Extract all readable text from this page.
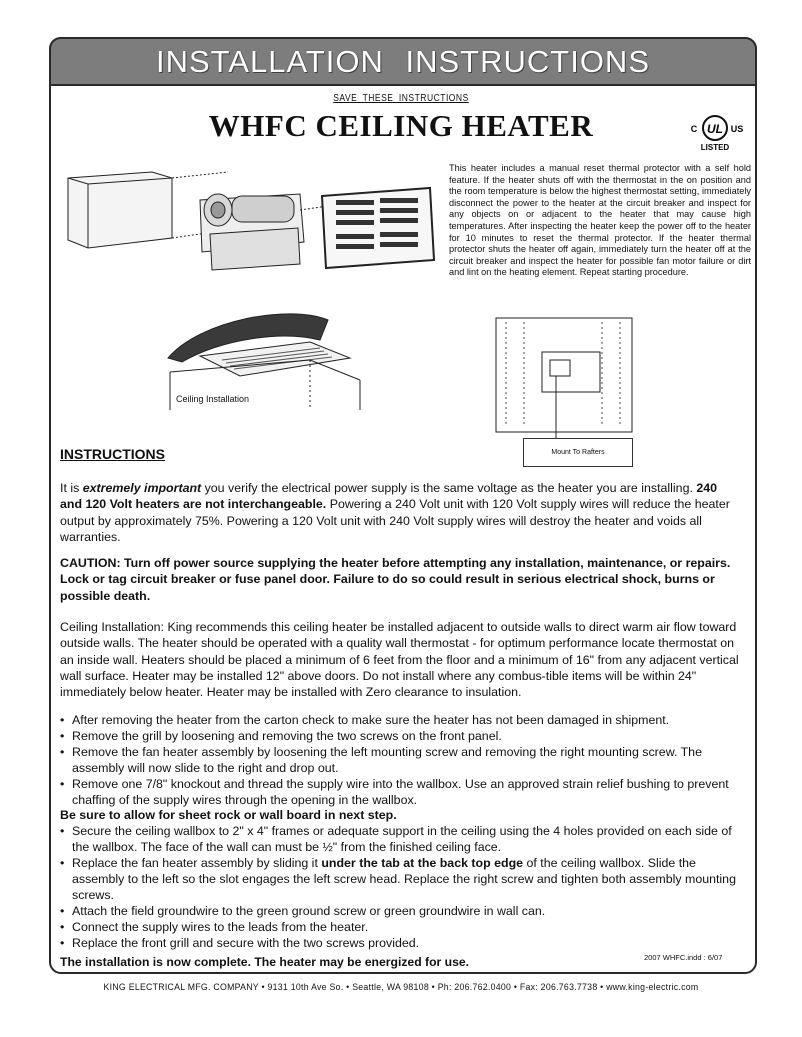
INSTALLATION INSTRUCTIONS
SAVE THESE INSTRUCTIONS
WHFC CEILING HEATER	UL
C	US
LISTED
This heater includes a manual reset thermal protector with a self hold feature. If the heater shuts off with the thermostat in the on position and the room temperature is below the highest thermostat setting, immediately disconnect the power to the heater at the circuit breaker and inspect for any objects on or adjacent to the heater that may cause high temperatures. After inspecting the heater keep the power off to the heater for 10 minutes to reset the thermal protector. If the heater thermal protector shuts the heater off again, immediately turn the heater off at the circuit breaker and inspect the heater for possible fan motor failure or dirt and lint on the heating element. Repeat starting procedure.
Ceiling Installation
Mount To Rafters
INSTRUCTIONS
It is extremely important you verify the electrical power supply is the same voltage as the heater you are installing. 240 and 120 Volt heaters are not interchangeable. Powering a 240 Volt unit with 120 Volt supply wires will reduce the heater output by approximately 75%. Powering a 120 Volt unit with 240 Volt supply wires will destroy the heater and voids all warranties.
CAUTION: Turn off power source supplying the heater before attempting any installation, maintenance, or repairs. Lock or tag circuit breaker or fuse panel door. Failure to do so could result in serious electrical shock, burns or possible death.
Ceiling Installation: King recommends this ceiling heater be installed adjacent to outside walls to direct warm air ﬂow toward outside walls. The heater should be operated with a quality wall thermostat - for optimum performance locate thermostat on an inside wall. Heaters should be placed a minimum of 6 feet from the ﬂoor and a minimum of 16" from any adjacent vertical wall surface. Heater may be installed 12" above doors. Do not install where any combus-tible items will be within 24" immediately below heater. Heater may be installed with Zero clearance to insulation.
• After removing the heater from the carton check to make sure the heater has not been damaged in shipment.
• Remove the grill by loosening and removing the two screws on the front panel.
• Remove the fan heater assembly by loosening the left mounting screw and removing the right mounting screw. The assembly will now slide to the right and drop out.
• Remove one 7/8" knockout and thread the supply wire into the wallbox. Use an approved strain relief bushing to prevent chafﬁng of the supply wires through the opening in the wallbox.
Be sure to allow for sheet rock or wall board in next step.
• Secure the ceiling wallbox to 2" x 4" frames or adequate support in the ceiling using the 4 holes provided on each side of the wallbox. The face of the wall can must be ½" from the ﬁnished ceiling face.
• Replace the fan heater assembly by sliding it under the tab at the back top edge of the ceiling wallbox. Slide the assembly to the left so the slot engages the left screw head. Replace the right screw and tighten both assembly mounting screws.
• Attach the ﬁeld groundwire to the green ground screw or green groundwire in wall can.
• Connect the supply wires to the leads from the heater.
• Replace the front grill and secure with the two screws provided.
The installation is now complete. The heater may be energized for use.	2007 WHFC.indd : 6/07
KING ELECTRICAL MFG. COMPANY • 9131 10th Ave So. • Seattle, WA 98108 • Ph: 206.762.0400 • Fax: 206.763.7738 • www.king-electric.com
